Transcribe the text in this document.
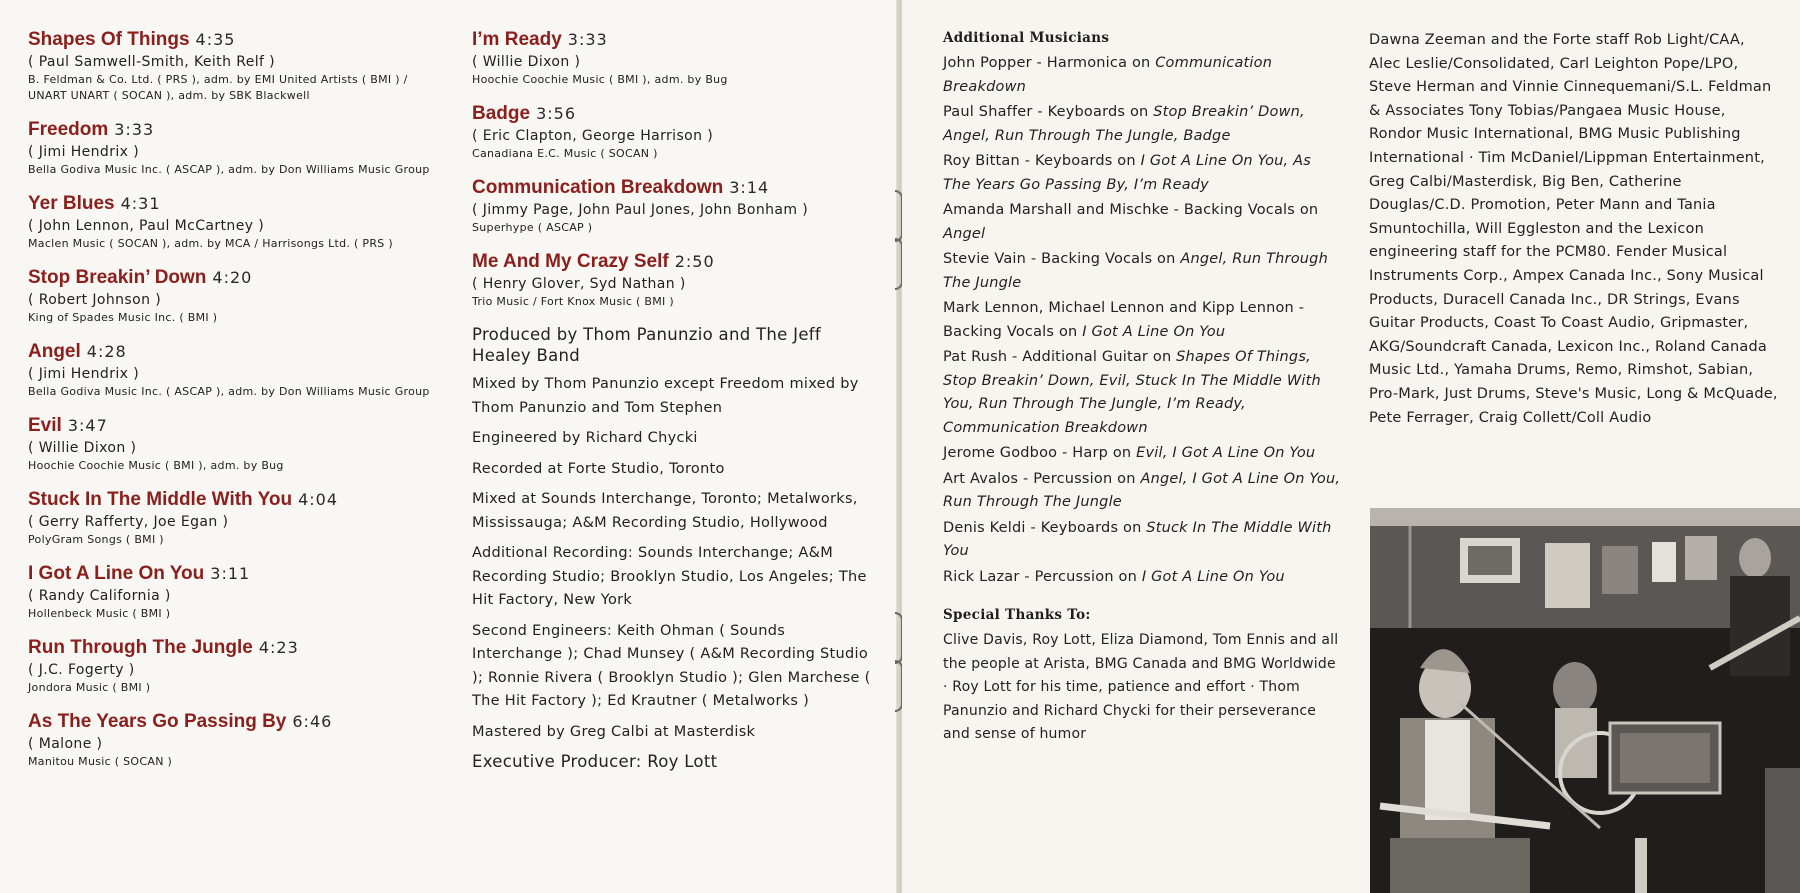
Shapes Of Things 4:35
( Paul Samwell-Smith, Keith Relf )
B. Feldman & Co. Ltd. ( PRS ), adm. by EMI United Artists ( BMI ) / UNART UNART ( SOCAN ), adm. by SBK Blackwell
Freedom 3:33
( Jimi Hendrix )
Bella Godiva Music Inc. ( ASCAP ), adm. by Don Williams Music Group
Yer Blues 4:31
( John Lennon, Paul McCartney )
Maclen Music ( SOCAN ), adm. by MCA / Harrisongs Ltd. ( PRS )
Stop Breakin’ Down 4:20
( Robert Johnson )
King of Spades Music Inc. ( BMI )
Angel 4:28
( Jimi Hendrix )
Bella Godiva Music Inc. ( ASCAP ), adm. by Don Williams Music Group
Evil 3:47
( Willie Dixon )
Hoochie Coochie Music ( BMI ), adm. by Bug
Stuck In The Middle With You 4:04
( Gerry Rafferty, Joe Egan )
PolyGram Songs ( BMI )
I Got A Line On You 3:11
( Randy California )
Hollenbeck Music ( BMI )
Run Through The Jungle 4:23
( J.C. Fogerty )
Jondora Music ( BMI )
As The Years Go Passing By 6:46
( Malone )
Manitou Music ( SOCAN )
I’m Ready 3:33
( Willie Dixon )
Hoochie Coochie Music ( BMI ), adm. by Bug
Badge 3:56
( Eric Clapton, George Harrison )
Canadiana E.C. Music ( SOCAN )
Communication Breakdown 3:14
( Jimmy Page, John Paul Jones, John Bonham )
Superhype ( ASCAP )
Me And My Crazy Self 2:50
( Henry Glover, Syd Nathan )
Trio Music / Fort Knox Music ( BMI )
Produced by Thom Panunzio and The Jeff Healey Band
Mixed by Thom Panunzio except Freedom mixed by Thom Panunzio and Tom Stephen
Engineered by Richard Chycki
Recorded at Forte Studio, Toronto
Mixed at Sounds Interchange, Toronto; Metalworks, Mississauga; A&M Recording Studio, Hollywood
Additional Recording: Sounds Interchange; A&M Recording Studio; Brooklyn Studio, Los Angeles; The Hit Factory, New York
Second Engineers: Keith Ohman ( Sounds Interchange ); Chad Munsey ( A&M Recording Studio ); Ronnie Rivera ( Brooklyn Studio ); Glen Marchese ( The Hit Factory ); Ed Krautner ( Metalworks )
Mastered by Greg Calbi at Masterdisk
Executive Producer: Roy Lott
Additional Musicians
John Popper - Harmonica on Communication Breakdown
Paul Shaffer - Keyboards on Stop Breakin’ Down, Angel, Run Through The Jungle, Badge
Roy Bittan - Keyboards on I Got A Line On You, As The Years Go Passing By, I’m Ready
Amanda Marshall and Mischke - Backing Vocals on Angel
Stevie Vain - Backing Vocals on Angel, Run Through The Jungle
Mark Lennon, Michael Lennon and Kipp Lennon - Backing Vocals on I Got A Line On You
Pat Rush - Additional Guitar on Shapes Of Things, Stop Breakin’ Down, Evil, Stuck In The Middle With You, Run Through The Jungle, I’m Ready, Communication Breakdown
Jerome Godboo - Harp on Evil, I Got A Line On You
Art Avalos - Percussion on Angel, I Got A Line On You, Run Through The Jungle
Denis Keldi - Keyboards on Stuck In The Middle With You
Rick Lazar - Percussion on I Got A Line On You
Special Thanks To:
Clive Davis, Roy Lott, Eliza Diamond, Tom Ennis and all the people at Arista, BMG Canada and BMG Worldwide · Roy Lott for his time, patience and effort · Thom Panunzio and Richard Chycki for their perseverance and sense of humor
Dawna Zeeman and the Forte staff Rob Light/CAA, Alec Leslie/Consolidated, Carl Leighton Pope/LPO, Steve Herman and Vinnie Cinnequemani/S.L. Feldman & Associates Tony Tobias/Pangaea Music House, Rondor Music International, BMG Music Publishing International · Tim McDaniel/Lippman Entertainment, Greg Calbi/Masterdisk, Big Ben, Catherine Douglas/C.D. Promotion, Peter Mann and Tania Smuntochilla, Will Eggleston and the Lexicon engineering staff for the PCM80. Fender Musical Instruments Corp., Ampex Canada Inc., Sony Musical Products, Duracell Canada Inc., DR Strings, Evans Guitar Products, Coast To Coast Audio, Gripmaster, AKG/Soundcraft Canada, Lexicon Inc., Roland Canada Music Ltd., Yamaha Drums, Remo, Rimshot, Sabian, Pro-Mark, Just Drums, Steve's Music, Long & McQuade, Pete Ferrager, Craig Collett/Coll Audio
